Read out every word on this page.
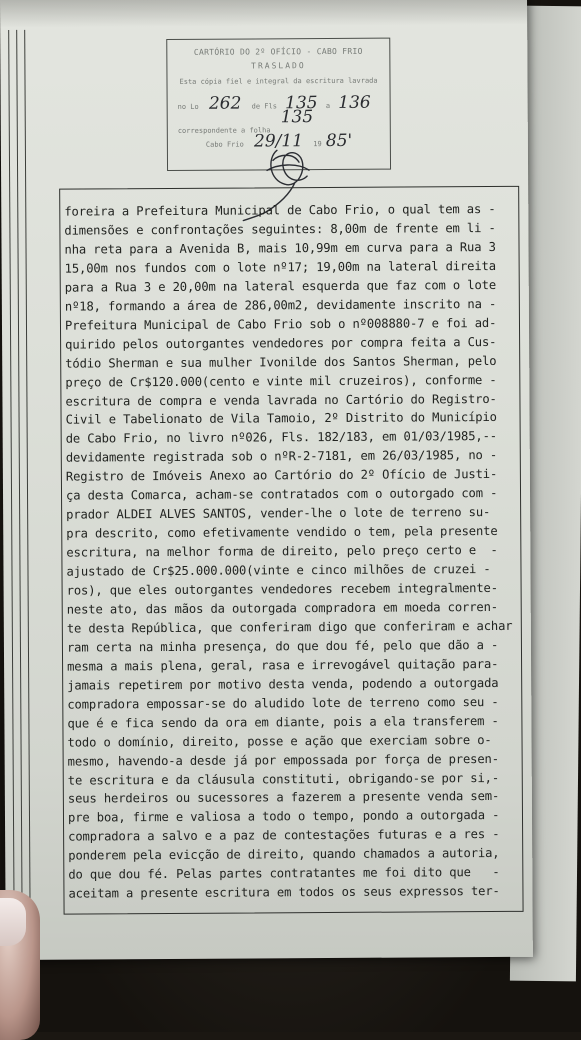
CARTÓRIO DO 2º OFÍCIO - CABO FRIO
TRASLADO
Esta cópia fiel e integral da escritura lavrada
no Lo 262 de Fls 135 a 136
correspondente a folha 135
Cabo Frio 29/11 19 85'
foreira a Prefeitura Municipal de Cabo Frio, o qual tem as -
dimensões e confrontações seguintes: 8,00m de frente em li -
nha reta para a Avenida B, mais 10,99m em curva para a Rua 3
15,00m nos fundos com o lote nº17; 19,00m na lateral direita
para a Rua 3 e 20,00m na lateral esquerda que faz com o lote
nº18, formando a área de 286,00m2, devidamente inscrito na -
Prefeitura Municipal de Cabo Frio sob o nº008880-7 e foi ad-
quirido pelos outorgantes vendedores por compra feita a Cus-
tódio Sherman e sua mulher Ivonilde dos Santos Sherman, pelo
preço de Cr$120.000(cento e vinte mil cruzeiros), conforme -
escritura de compra e venda lavrada no Cartório do Registro-
Civil e Tabelionato de Vila Tamoio, 2º Distrito do Município
de Cabo Frio, no livro nº026, Fls. 182/183, em 01/03/1985,--
devidamente registrada sob o nºR-2-7181, em 26/03/1985, no -
Registro de Imóveis Anexo ao Cartório do 2º Ofício de Justi-
ça desta Comarca, acham-se contratados com o outorgado com -
prador ALDEI ALVES SANTOS, vender-lhe o lote de terreno su-
pra descrito, como efetivamente vendido o tem, pela presente
escritura, na melhor forma de direito, pelo preço certo e  -
ajustado de Cr$25.000.000(vinte e cinco milhões de cruzei -
ros), que eles outorgantes vendedores recebem integralmente-
neste ato, das mãos da outorgada compradora em moeda corren-
te desta República, que conferiram digo que conferiram e achar
ram certa na minha presença, do que dou fé, pelo que dão a -
mesma a mais plena, geral, rasa e irrevogável quitação para-
jamais repetirem por motivo desta venda, podendo a outorgada
compradora empossar-se do aludido lote de terreno como seu -
que é e fica sendo da ora em diante, pois a ela transferem -
todo o domínio, direito, posse e ação que exerciam sobre o-
mesmo, havendo-a desde já por empossada por força de presen-
te escritura e da cláusula constituti, obrigando-se por si,-
seus herdeiros ou sucessores a fazerem a presente venda sem-
pre boa, firme e valiosa a todo o tempo, pondo a outorgada -
compradora a salvo e a paz de contestações futuras e a res -
ponderem pela evicção de direito, quando chamados a autoria,
do que dou fé. Pelas partes contratantes me foi dito que   -
aceitam a presente escritura em todos os seus expressos ter-
